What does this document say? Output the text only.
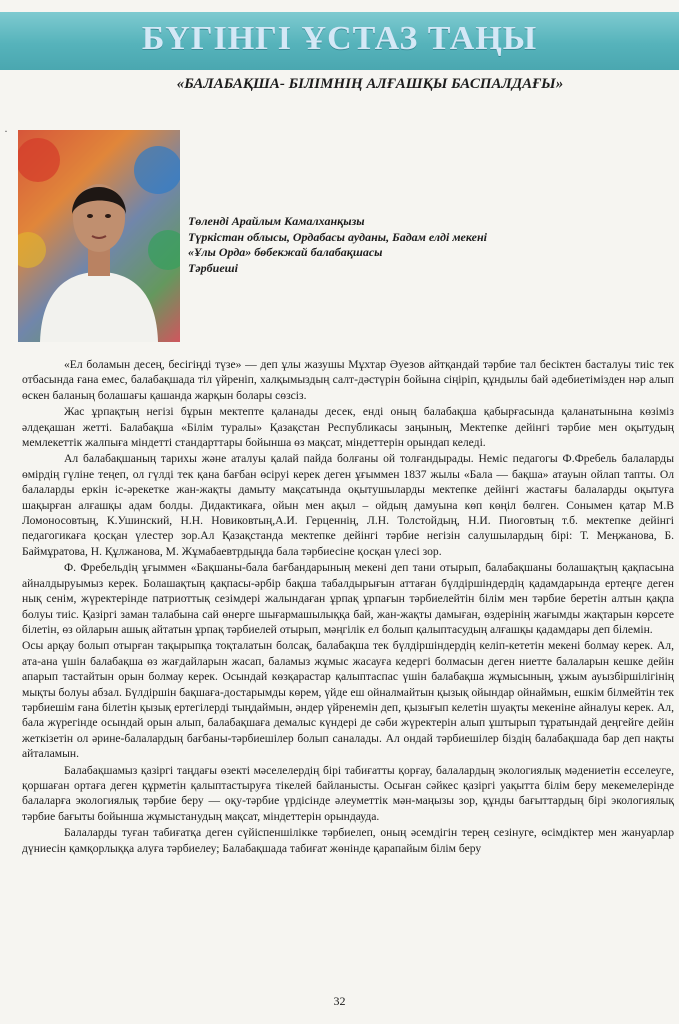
БҮГІНГІ ҰСТАЗ ТАҢЫ
«БАЛАБАҚША- БІЛІМНІҢ АЛҒАШҚЫ БАСПАЛДАҒЫ»
·
Төленді Арайлым Камалханқызы
Түркістан облысы, Ордабасы ауданы, Бадам елді мекені
«Ұлы Орда» бөбекжай балабақшасы
Тәрбиеші

«Ел боламын десең, бесігіңді түзе» — деп ұлы жазушы Мұхтар Әуезов айтқандай тәрбие тал бесіктен басталуы тиіс тек отбасында ғана емес, балабақшада тіл үйреніп, халқымыздың салт-дәстүрін бойына сіңіріп, құндылы бай әдебиетімізден нәр алып өскен баланың болашағы қашанда жарқын болары сөзсіз.

Жас ұрпақтың негізі бұрын мектепте қаланады десек, енді оның балабақша қабырғасында қаланатынына көзіміз әлдеқашан жетті. Балабақша «Білім туралы» Қазақстан Республикасы заңының, Мектепке дейінгі тәрбие мен оқытудың мемлекеттік жалпыға міндетті стандарттары бойынша өз мақсат, міндеттерін орындап келеді.

Ал балабақшаның тарихы және аталуы қалай пайда болғаны ой толғандырады. Неміс педагогы Ф.Фребель балаларды өмірдің гүліне теңеп, ол гүлді тек қана бағбан өсіруі керек деген ұғыммен 1837 жылы «Бала — бақша» атауын ойлап тапты. Ол балаларды еркін іс-әрекетке жан-жақты дамыту мақсатында оқытушыларды мектепке дейінгі жастағы балаларды оқытуға шақырған алғашқы адам болды. Дидактикаға, ойын мен ақыл – ойдың дамуына көп көңіл бөлген. Сонымен қатар М.В Ломоносовтың, К.Ушинский, Н.Н. Новиковтың,А.И. Герценнің, Л.Н. Толстойдың, Н.И. Пиоговтың т.б. мектепке дейінгі педагогикаға қосқан үлестер зор.Ал Қазақстанда мектепке дейінгі тәрбие негізін салушылардың бірі: Т. Меңжанова, Б. Баймұратова, Н. Құлжанова, М. Жұмабаевтрдыңда бала тәрбиесіне қосқан үлесі зор.

Ф. Фребельдің ұғыммен «Бақшаны-бала бағбандарының мекені деп тани отырып, балабақшаны болашақтың қақпасына айналдыруымыз керек. Болашақтың қақпасы-әрбір бақша табалдырығын аттаған бүлдіршіндердің қадамдарында ертеңге деген нық сенім, жүректерінде патриоттық сезімдері жалындаған ұрпақ ұрпағын тәрбиелейтін білім мен тәрбие беретін алтын қақпа болуы тиіс. Қазіргі заман талабына сай өнерге шығармашылыққа бай, жан-жақты дамыған, өздерінің жағымды жақтарын көрсете білетін, өз ойларын ашық айтатын ұрпақ тәрбиелей отырып, мәңгілік ел болып қалыптасудың алғашқы қадамдары деп білемін.

Осы арқау болып отырған тақырыпқа тоқталатын болсақ, балабақша тек бүлдіршіндердің келіп-кететін мекені болмау керек. Ал, ата-ана үшін балабақша өз жағдайларын жасап, баламыз жұмыс жасауға кедергі болмасын деген ниетте балаларын кешке дейін апарып тастайтын орын болмау керек. Осындай көзқарастар қалыптаспас үшін балабақша жұмысының, ұжым ауызбіршілігінің мықты болуы абзал. Бүлдіршін бақшаға-достарымды көрем, үйде еш ойналмайтын қызық ойындар ойнаймын, ешкім білмейтін тек тәрбиешім ғана білетін қызық ертегілерді тыңдаймын, әндер үйренемін деп, қызығып келетін шуақты мекеніне айналуы керек. Ал, бала жүрегінде осындай орын алып, балабақшаға демалыс күндері де сәби жүректерін алып ұштырып тұратындай деңгейге дейін жеткізетін ол әрине-балалардың бағбаны-тәрбиешілер болып саналады. Ал ондай тәрбиешілер біздің балабақшада бар деп нақты айталамын.

Балабақшамыз қазіргі таңдағы өзекті мәселелердің бірі табиғатты қорғау, балалардың экологиялық мәдениетін есселеуге, қоршаған ортаға деген құрметін қалыптастыруға тікелей байланысты. Осыған сәйкес қазіргі уақытта білім беру мекемелерінде балаларға экологиялық тәрбие беру — оқу-тәрбие үрдісінде әлеуметтік мән-маңызы зор, құнды бағыттардың бірі экологиялық тәрбие бағыты бойынша жұмыстанудың мақсат, міндеттерін орындауда.

Балаларды туған табиғатқа деген сүйіспеншілікке тәрбиелеп, оның әсемдігін терең сезінуге, өсімдіктер мен жануарлар дүниесін қамқорлыққа алуға тәрбиелеу; Балабақшада табиғат жөнінде қарапайым білім беру

32
